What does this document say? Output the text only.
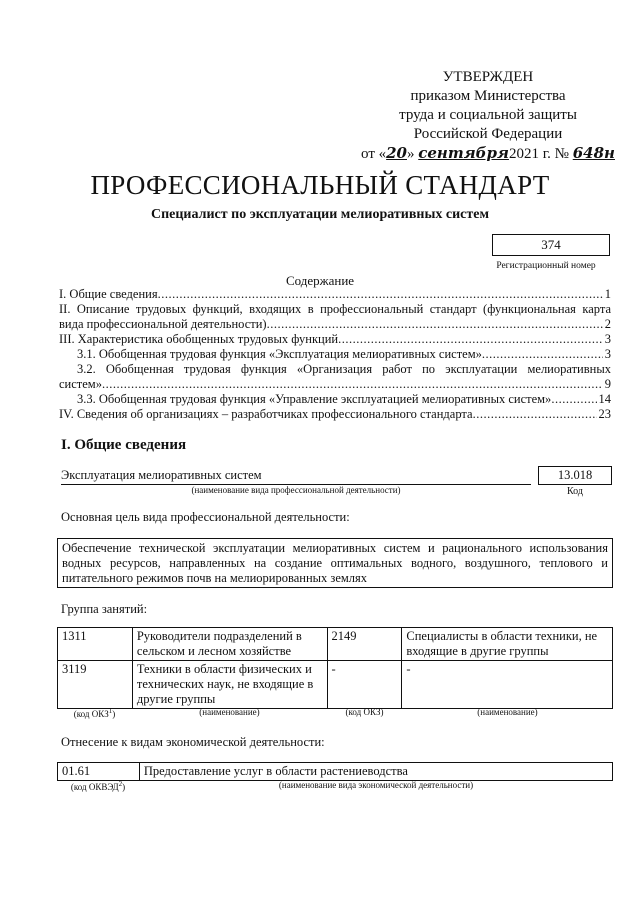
УТВЕРЖДЕН
приказом Министерства
труда и социальной защиты
Российской Федерации
от «20» сентября2021 г. № 648н
ПРОФЕССИОНАЛЬНЫЙ СТАНДАРТ
Специалист по эксплуатации мелиоративных систем
374
Регистрационный номер
Содержание
I. Общие сведения .....	1
II. Описание трудовых функций, входящих в профессиональный стандарт (функциональная карта
вида профессиональной деятельности) .....	2
III. Характеристика обобщенных трудовых функций .....	3
3.1. Обобщенная трудовая функция «Эксплуатация мелиоративных систем» .....	3
3.2. Обобщенная трудовая функция «Организация работ по эксплуатации мелиоративных
систем» .....	9
3.3. Обобщенная трудовая функция «Управление эксплуатацией мелиоративных систем» .....	14
IV. Сведения об организациях – разработчиках профессионального стандарта .....	23
I. Общие сведения
Эксплуатация мелиоративных систем
(наименование вида профессиональной деятельности)
13.018
Код
Основная цель вида профессиональной деятельности:
Обеспечение технической эксплуатации мелиоративных систем и рационального использования водных ресурсов, направленных на создание оптимальных водного, воздушного, теплового и питательного режимов почв на мелиорированных землях
Группа занятий:
1311	Руководители подразделений в сельском и лесном хозяйстве	2149	Специалисты в области техники, не входящие в другие группы
3119	Техники в области физических и технических наук, не входящие в другие группы	-	-
(код ОКЗ$^1$)	(наименование)	(код ОКЗ)	(наименование)
Отнесение к видам экономической деятельности:
01.61	Предоставление услуг в области растениеводства
(код ОКВЭД$^2$)	(наименование вида экономической деятельности)
